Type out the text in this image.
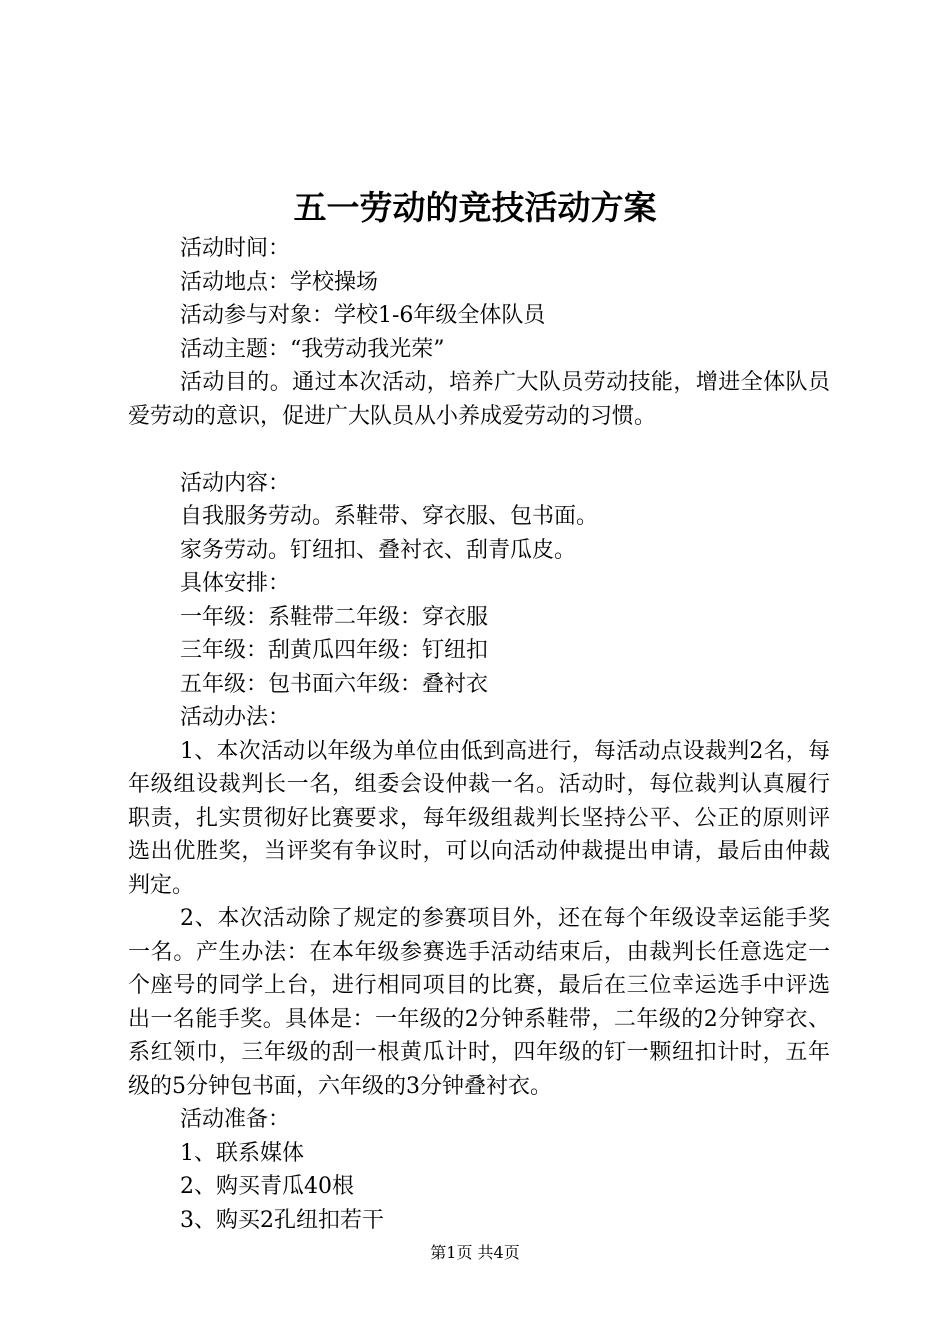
五一劳动的竞技活动方案
活动时间：
活动地点：学校操场
活动参与对象：学校1-6年级全体队员
活动主题：“我劳动我光荣”

活动目的。通过本次活动，培养广大队员劳动技能，增进全体队员爱劳动的意识，促进广大队员从小养成爱劳动的习惯。

活动内容：
自我服务劳动。系鞋带、穿衣服、包书面。
家务劳动。钉纽扣、叠衬衣、刮青瓜皮。
具体安排：
一年级：系鞋带二年级：穿衣服
三年级：刮黄瓜四年级：钉纽扣
五年级：包书面六年级：叠衬衣
活动办法：

1、本次活动以年级为单位由低到高进行，每活动点设裁判2名，每年级组设裁判长一名，组委会设仲裁一名。活动时，每位裁判认真履行职责，扎实贯彻好比赛要求，每年级组裁判长坚持公平、公正的原则评选出优胜奖，当评奖有争议时，可以向活动仲裁提出申请，最后由仲裁判定。

2、本次活动除了规定的参赛项目外，还在每个年级设幸运能手奖一名。产生办法：在本年级参赛选手活动结束后，由裁判长任意选定一个座号的同学上台，进行相同项目的比赛，最后在三位幸运选手中评选出一名能手奖。具体是：一年级的2分钟系鞋带，二年级的2分钟穿衣、系红领巾，三年级的刮一根黄瓜计时，四年级的钉一颗纽扣计时，五年级的5分钟包书面，六年级的3分钟叠衬衣。

活动准备：
1、联系媒体
2、购买青瓜40根
3、购买2孔纽扣若干
第1页 共4页
